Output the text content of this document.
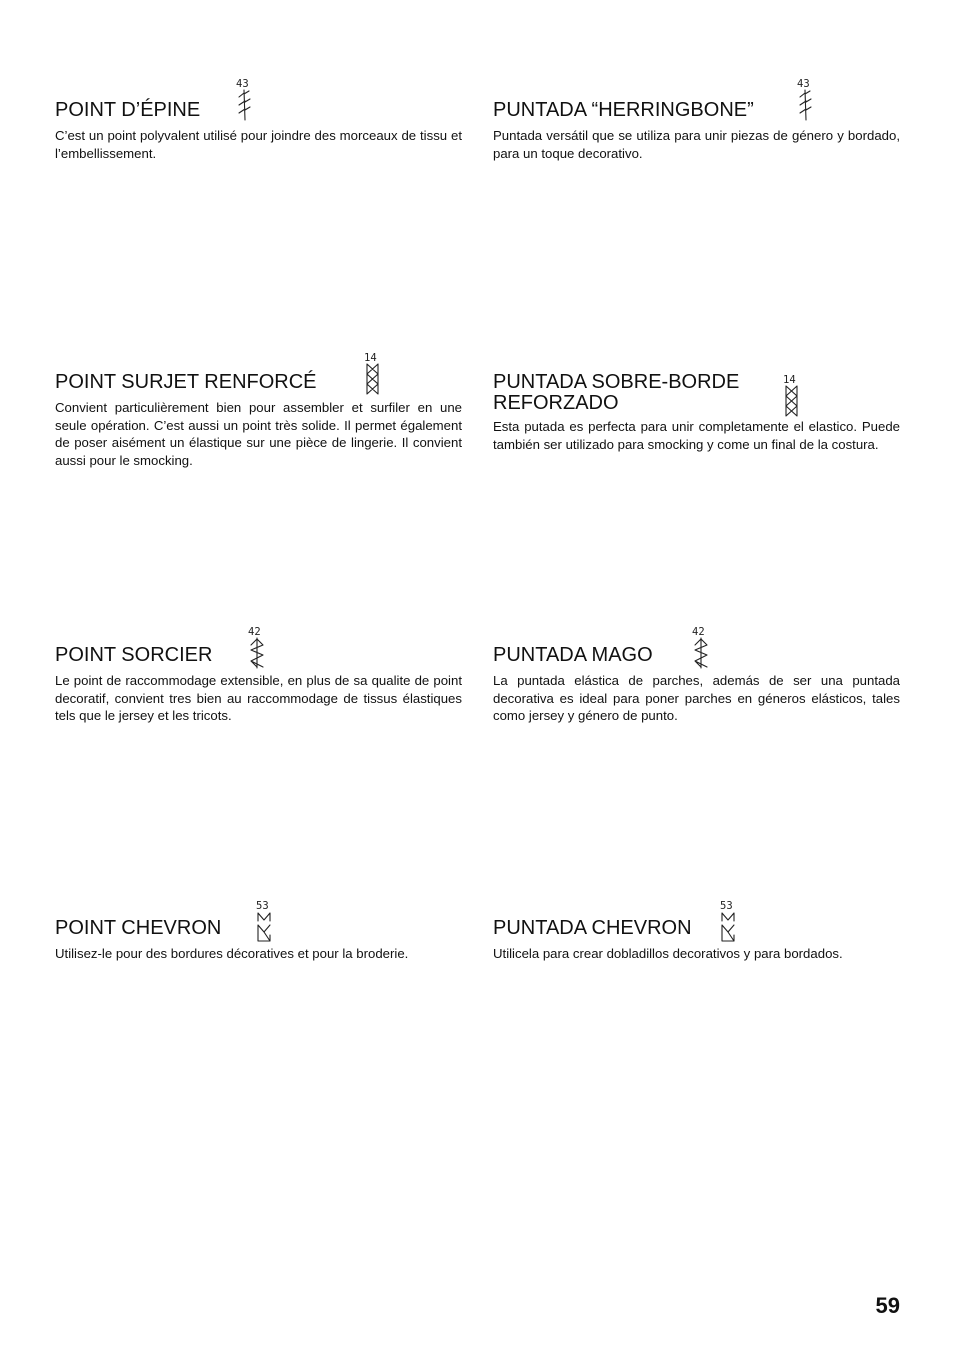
POINT D’ÉPINE

C’est un point polyvalent utilisé pour joindre des morceaux de tissu et l’embellissement.

43
PUNTADA “HERRINGBONE”

Puntada versátil que se utiliza para unir piezas de género y bordado, para un toque decorativo.

43
POINT SURJET RENFORCÉ

Convient particulièrement bien pour assembler et surfiler en une seule opération. C’est aussi un point très solide. Il permet également de poser aisément un élastique sur une pièce de lingerie. Il convient aussi pour le smocking.

14
PUNTADA SOBRE-BORDE
REFORZADO

Esta putada es perfecta para unir completamente el elastico. Puede también ser utilizado para smocking y come un final de la costura.

14
POINT SORCIER

Le point de raccommodage extensible, en plus de sa qualite de point decoratif, convient tres bien au raccommodage de tissus élastiques tels que le jersey et les tricots.

42
PUNTADA MAGO

La puntada elástica de parches, además de ser una puntada decorativa es ideal para poner parches en géneros elásticos, tales como jersey y género de punto.

42
POINT CHEVRON

Utilisez-le pour des bordures décoratives et pour la broderie.

53
PUNTADA CHEVRON

Utilicela para crear dobladillos decorativos y para bordados.

53
59
